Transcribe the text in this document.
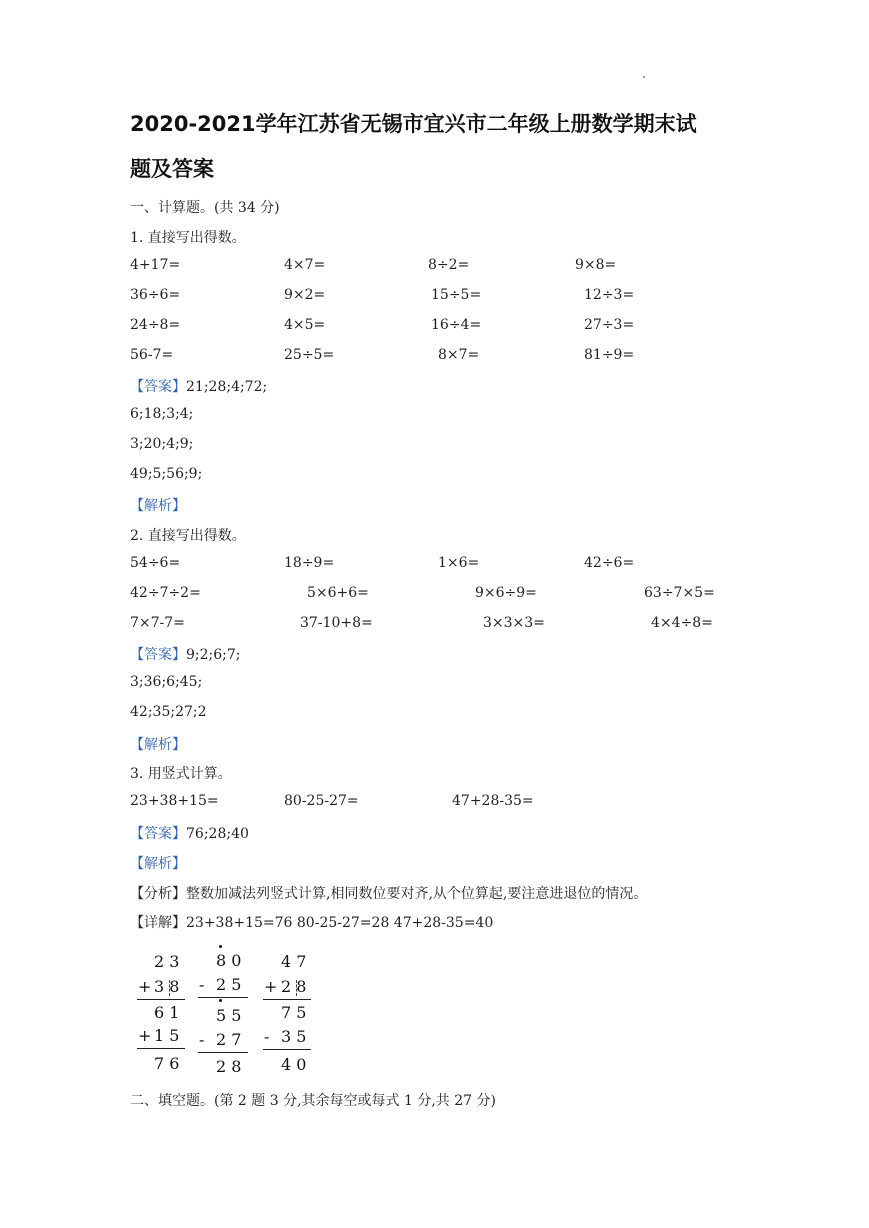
2020-2021学年江苏省无锡市宜兴市二年级上册数学期末试
题及答案
一、计算题。(共 34 分)
1. 直接写出得数。
4+17=	4×7=	8÷2=	9×8=
36÷6=	9×2=	15÷5=	12÷3=
24÷8=	4×5=	16÷4=	27÷3=
56-7=	25÷5=	8×7=	81÷9=
【答案】21;28;4;72;
6;18;3;4;
3;20;4;9;
49;5;56;9;
【解析】
2. 直接写出得数。
54÷6=	18÷9=	1×6=	42÷6=
42÷7÷2=	5×6+6=	9×6÷9=	63÷7×5=
7×7-7=	37-10+8=	3×3×3=	4×4÷8=
【答案】9;2;6;7;
3;36;6;45;
42;35;27;2
【解析】
3. 用竖式计算。
23+38+15=	80-25-27=	47+28-35=
【答案】76;28;40
【解析】
【分析】整数加减法列竖式计算,相同数位要对齐,从个位算起,要注意进退位的情况。
【详解】23+38+15=76 80-25-27=28 47+28-35=40
2 3
+ 3 8
6 1
+ 1 5
7 6
8 0
- 2 5
5 5
- 2 7
2 8
4 7
+ 2 8
7 5
- 3 5
4 0
二、填空题。(第 2 题 3 分,其余每空或每式 1 分,共 27 分)
